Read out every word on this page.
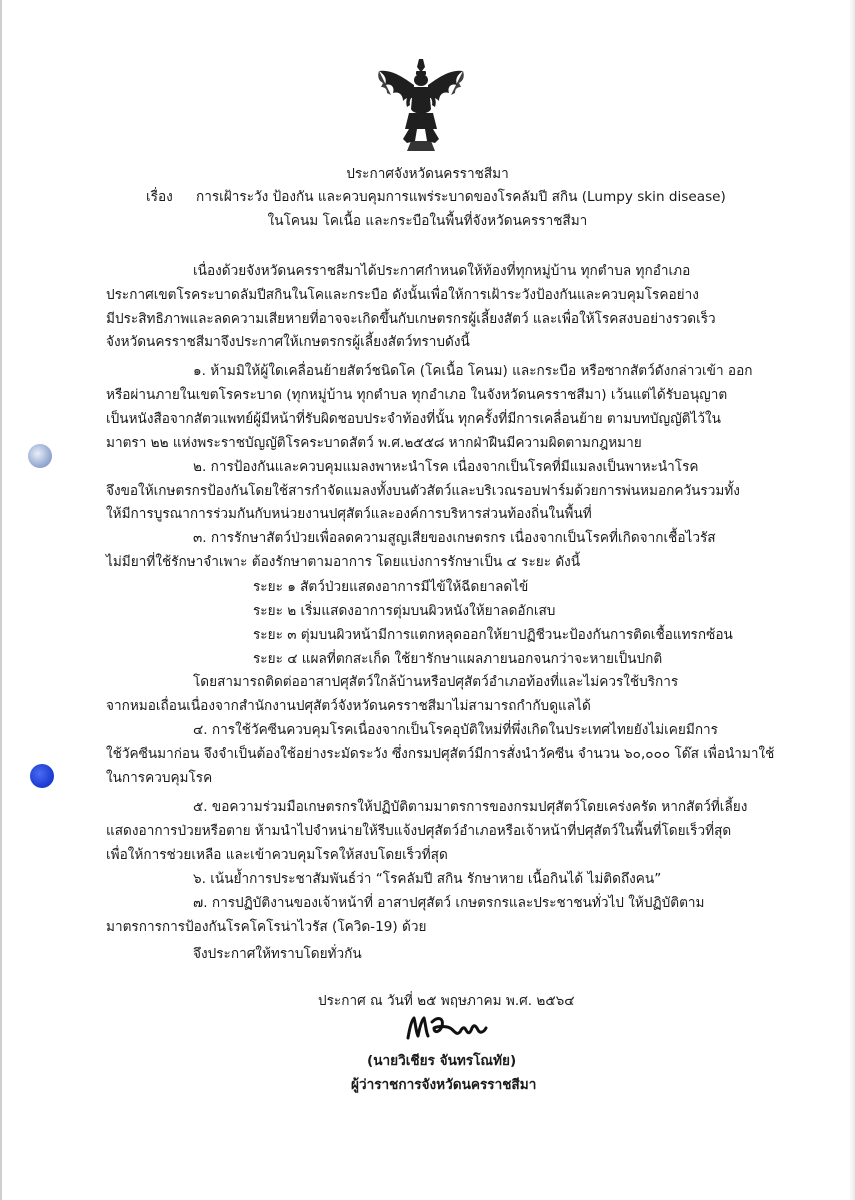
ประกาศจังหวัดนครราชสีมา
เรื่อง การเฝ้าระวัง ป้องกัน และควบคุมการแพร่ระบาดของโรคลัมปี สกิน (Lumpy skin disease)
ในโคนม โคเนื้อ และกระบือในพื้นที่จังหวัดนครราชสีมา
เนื่องด้วยจังหวัดนครราชสีมาได้ประกาศกำหนดให้ท้องที่ทุกหมู่บ้าน ทุกตำบล ทุกอำเภอ
ประกาศเขตโรคระบาดลัมปีสกินในโคและกระบือ ดังนั้นเพื่อให้การเฝ้าระวังป้องกันและควบคุมโรคอย่าง
มีประสิทธิภาพและลดความเสียหายที่อาจจะเกิดขึ้นกับเกษตรกรผู้เลี้ยงสัตว์ และเพื่อให้โรคสงบอย่างรวดเร็ว
จังหวัดนครราชสีมาจึงประกาศให้เกษตรกรผู้เลี้ยงสัตว์ทราบดังนี้
๑. ห้ามมิให้ผู้ใดเคลื่อนย้ายสัตว์ชนิดโค (โคเนื้อ โคนม) และกระบือ หรือซากสัตว์ดังกล่าวเข้า ออก
หรือผ่านภายในเขตโรคระบาด (ทุกหมู่บ้าน ทุกตำบล ทุกอำเภอ ในจังหวัดนครราชสีมา) เว้นแต่ได้รับอนุญาต
เป็นหนังสือจากสัตวแพทย์ผู้มีหน้าที่รับผิดชอบประจำท้องที่นั้น ทุกครั้งที่มีการเคลื่อนย้าย ตามบทบัญญัติไว้ใน
มาตรา ๒๒ แห่งพระราชบัญญัติโรคระบาดสัตว์ พ.ศ.๒๕๕๘ หากฝ่าฝืนมีความผิดตามกฎหมาย
๒. การป้องกันและควบคุมแมลงพาหะนำโรค เนื่องจากเป็นโรคที่มีแมลงเป็นพาหะนำโรค
จึงขอให้เกษตรกรป้องกันโดยใช้สารกำจัดแมลงทั้งบนตัวสัตว์และบริเวณรอบฟาร์มด้วยการพ่นหมอกควันรวมทั้ง
ให้มีการบูรณาการร่วมกันกับหน่วยงานปศุสัตว์และองค์การบริหารส่วนท้องถิ่นในพื้นที่
๓. การรักษาสัตว์ป่วยเพื่อลดความสูญเสียของเกษตรกร เนื่องจากเป็นโรคที่เกิดจากเชื้อไวรัส
ไม่มียาที่ใช้รักษาจำเพาะ ต้องรักษาตามอาการ โดยแบ่งการรักษาเป็น ๔ ระยะ ดังนี้
ระยะ ๑ สัตว์ป่วยแสดงอาการมีไข้ให้ฉีดยาลดไข้
ระยะ ๒ เริ่มแสดงอาการตุ่มบนผิวหนังให้ยาลดอักเสบ
ระยะ ๓ ตุ่มบนผิวหน้ามีการแตกหลุดออกให้ยาปฏิชีวนะป้องกันการติดเชื้อแทรกซ้อน
ระยะ ๔ แผลที่ตกสะเก็ด ใช้ยารักษาแผลภายนอกจนกว่าจะหายเป็นปกติ
โดยสามารถติดต่ออาสาปศุสัตว์ใกล้บ้านหรือปศุสัตว์อำเภอท้องที่และไม่ควรใช้บริการ
จากหมอเถื่อนเนื่องจากสำนักงานปศุสัตว์จังหวัดนครราชสีมาไม่สามารถกำกับดูแลได้
๔. การใช้วัคซีนควบคุมโรคเนื่องจากเป็นโรคอุบัติใหม่ที่พึ่งเกิดในประเทศไทยยังไม่เคยมีการ
ใช้วัคซีนมาก่อน จึงจำเป็นต้องใช้อย่างระมัดระวัง ซึ่งกรมปศุสัตว์มีการสั่งนำวัคซีน จำนวน ๖๐,๐๐๐ โด๊ส เพื่อนำมาใช้
ในการควบคุมโรค
๕. ขอความร่วมมือเกษตรกรให้ปฏิบัติตามมาตรการของกรมปศุสัตว์โดยเคร่งครัด หากสัตว์ที่เลี้ยง
แสดงอาการป่วยหรือตาย ห้ามนำไปจำหน่ายให้รีบแจ้งปศุสัตว์อำเภอหรือเจ้าหน้าที่ปศุสัตว์ในพื้นที่โดยเร็วที่สุด
เพื่อให้การช่วยเหลือ และเข้าควบคุมโรคให้สงบโดยเร็วที่สุด
๖. เน้นย้ำการประชาสัมพันธ์ว่า “โรคลัมปี สกิน รักษาหาย เนื้อกินได้ ไม่ติดถึงคน”
๗. การปฏิบัติงานของเจ้าหน้าที่ อาสาปศุสัตว์ เกษตรกรและประชาชนทั่วไป ให้ปฏิบัติตาม
มาตรการการป้องกันโรคโคโรน่าไวรัส (โควิด-19) ด้วย
จึงประกาศให้ทราบโดยทั่วกัน
ประกาศ ณ วันที่ ๒๕ พฤษภาคม พ.ศ. ๒๕๖๔
(นายวิเชียร จันทรโณทัย)
ผู้ว่าราชการจังหวัดนครราชสีมา
